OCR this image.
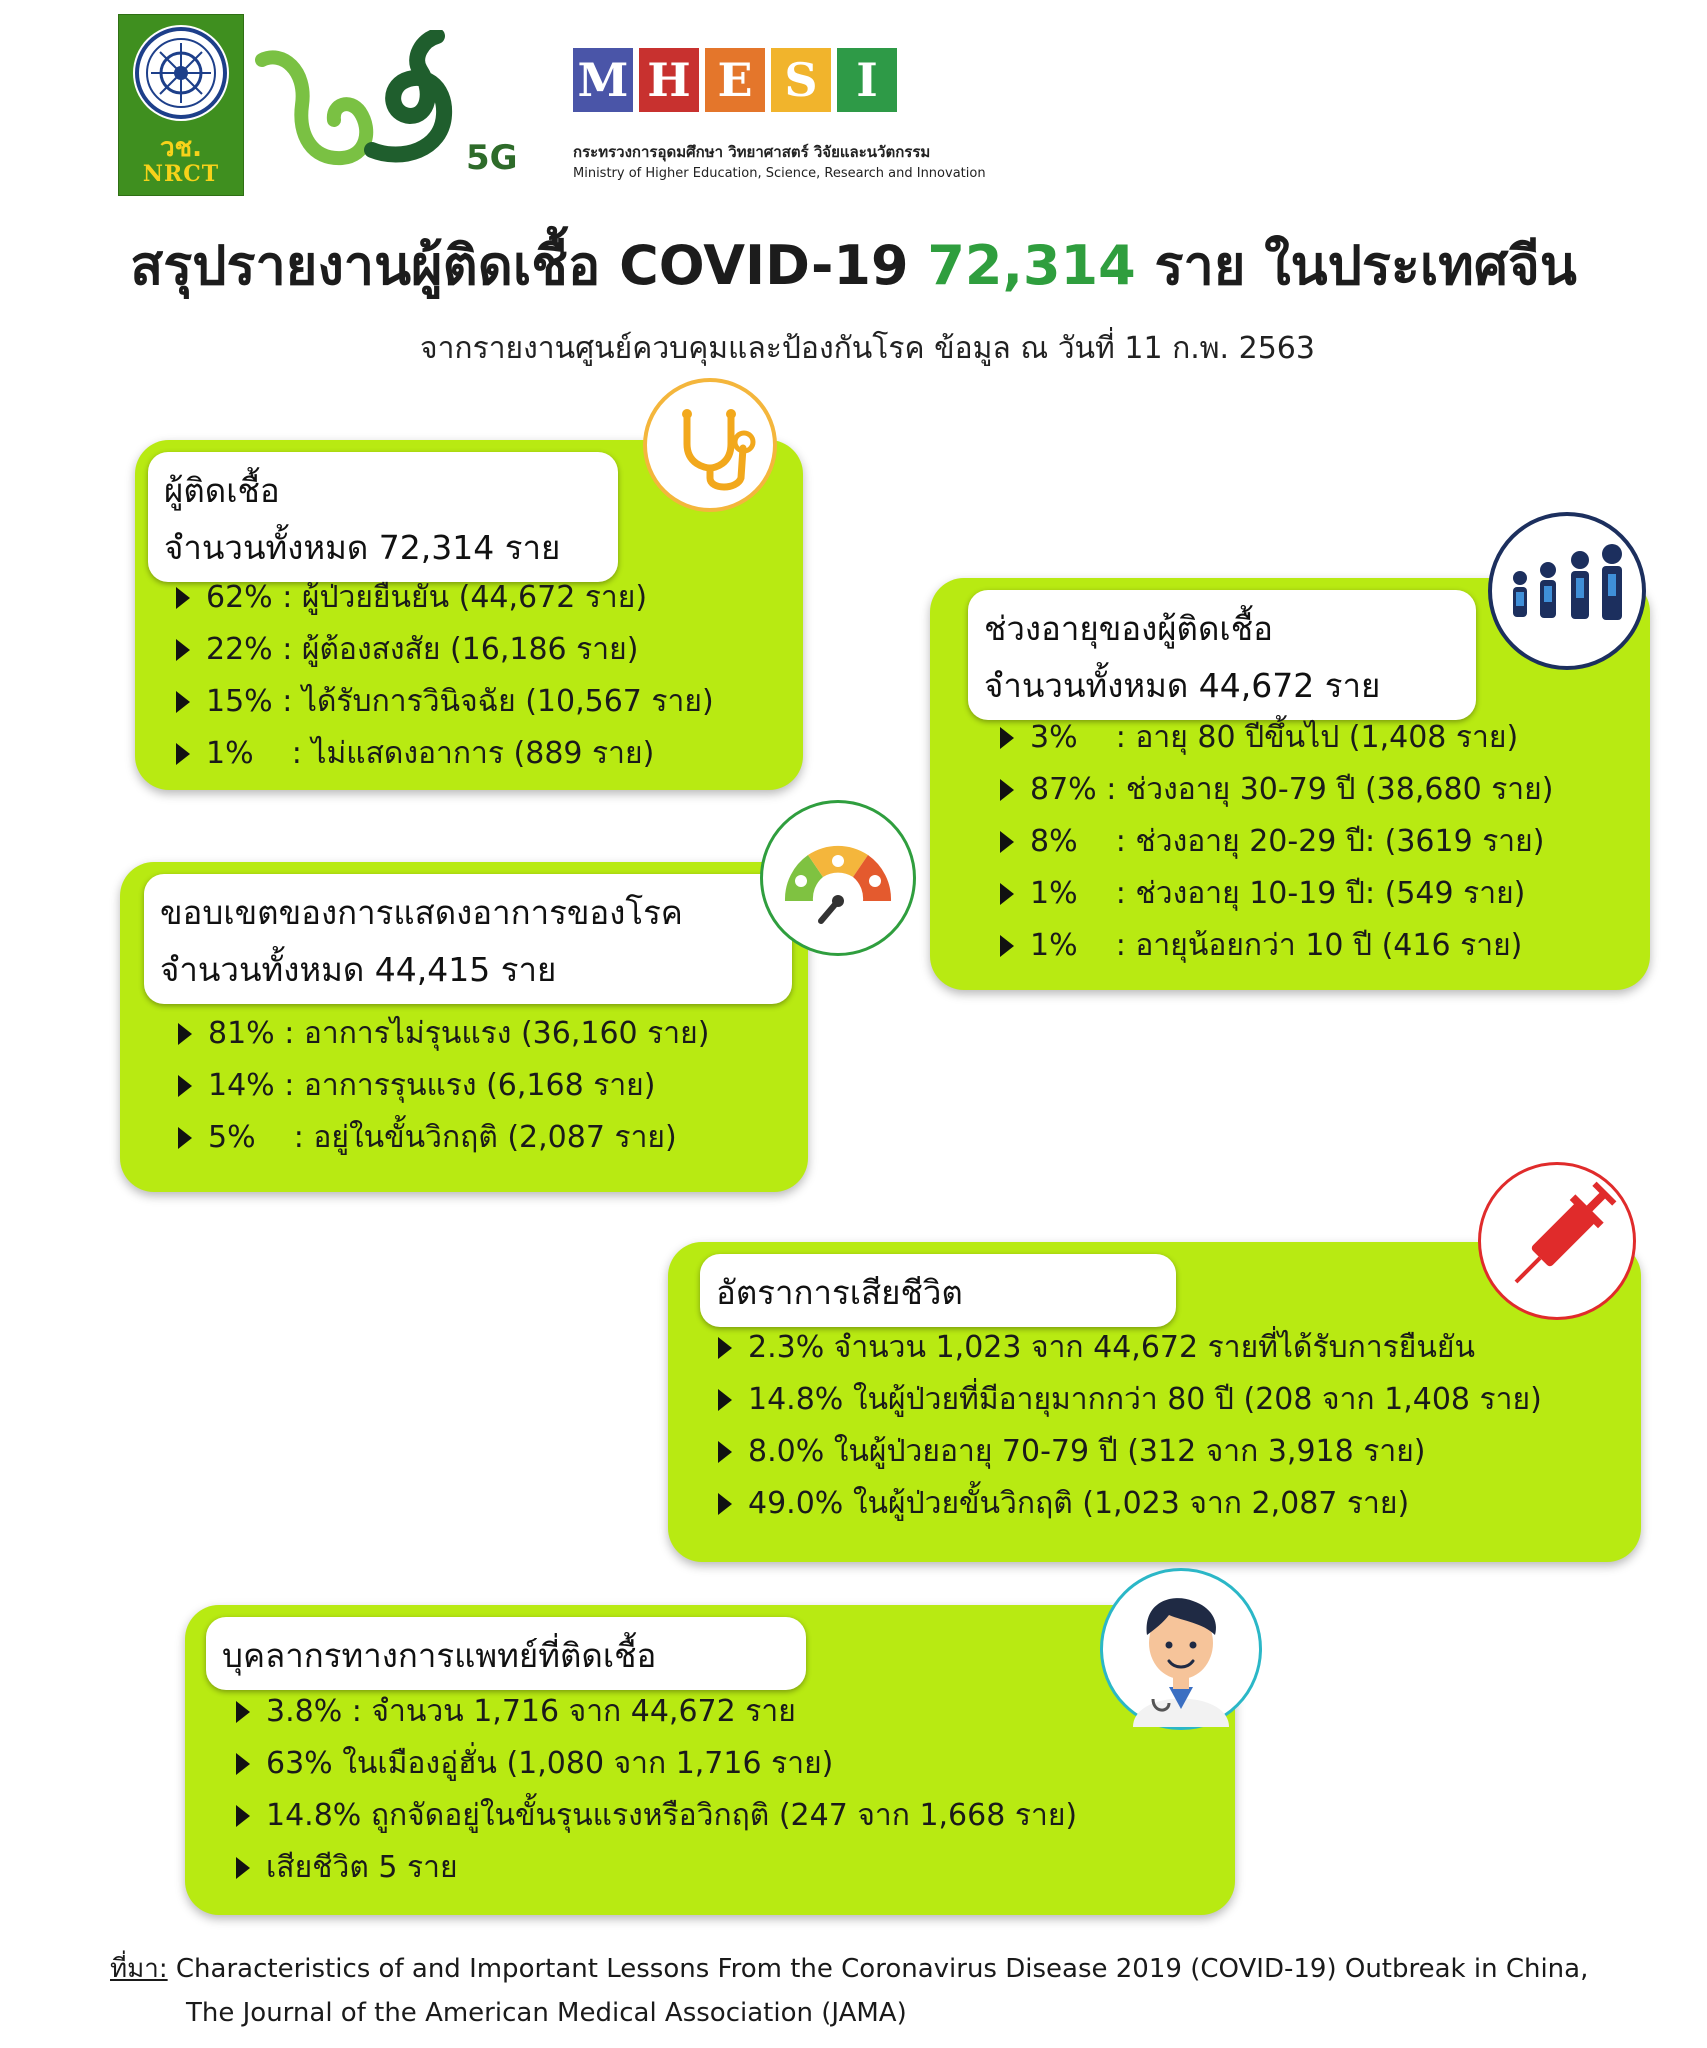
วช.
NRCT	5G
M H E S I
กระทรวงการอุดมศึกษา วิทยาศาสตร์ วิจัยและนวัตกรรม
Ministry of Higher Education, Science, Research and Innovation
สรุปรายงานผู้ติดเชื้อ COVID-19 72,314 ราย ในประเทศจีน
จากรายงานศูนย์ควบคุมและป้องกันโรค ข้อมูล ณ วันที่ 11 ก.พ. 2563
ผู้ติดเชื้อ
จำนวนทั้งหมด 72,314 ราย
62% : ผู้ป่วยยืนยัน (44,672 ราย)
22% : ผู้ต้องสงสัย (16,186 ราย)
15% : ได้รับการวินิจฉัย (10,567 ราย)
1%    : ไม่แสดงอาการ (889 ราย)
ช่วงอายุของผู้ติดเชื้อ
จำนวนทั้งหมด 44,672 ราย
3%    : อายุ 80 ปีขึ้นไป (1,408 ราย)
87% : ช่วงอายุ 30-79 ปี (38,680 ราย)
8%    : ช่วงอายุ 20-29 ปี: (3619 ราย)
1%    : ช่วงอายุ 10-19 ปี: (549 ราย)
1%    : อายุน้อยกว่า 10 ปี (416 ราย)
ขอบเขตของการแสดงอาการของโรค
จำนวนทั้งหมด 44,415 ราย
81% : อาการไม่รุนแรง (36,160 ราย)
14% : อาการรุนแรง (6,168 ราย)
5%    : อยู่ในขั้นวิกฤติ (2,087 ราย)
อัตราการเสียชีวิต
2.3% จำนวน 1,023 จาก 44,672 รายที่ได้รับการยืนยัน
14.8% ในผู้ป่วยที่มีอายุมากกว่า 80 ปี (208 จาก 1,408 ราย)
8.0% ในผู้ป่วยอายุ 70-79 ปี (312 จาก 3,918 ราย)
49.0% ในผู้ป่วยขั้นวิกฤติ (1,023 จาก 2,087 ราย)
บุคลากรทางการแพทย์ที่ติดเชื้อ
3.8% : จำนวน 1,716 จาก 44,672 ราย
63% ในเมืองอู่ฮั่น (1,080 จาก 1,716 ราย)
14.8% ถูกจัดอยู่ในขั้นรุนแรงหรือวิกฤติ (247 จาก 1,668 ราย)
เสียชีวิต 5 ราย
ที่มา: Characteristics of and Important Lessons From the Coronavirus Disease 2019 (COVID-19) Outbreak in China,
The Journal of the American Medical Association (JAMA)
